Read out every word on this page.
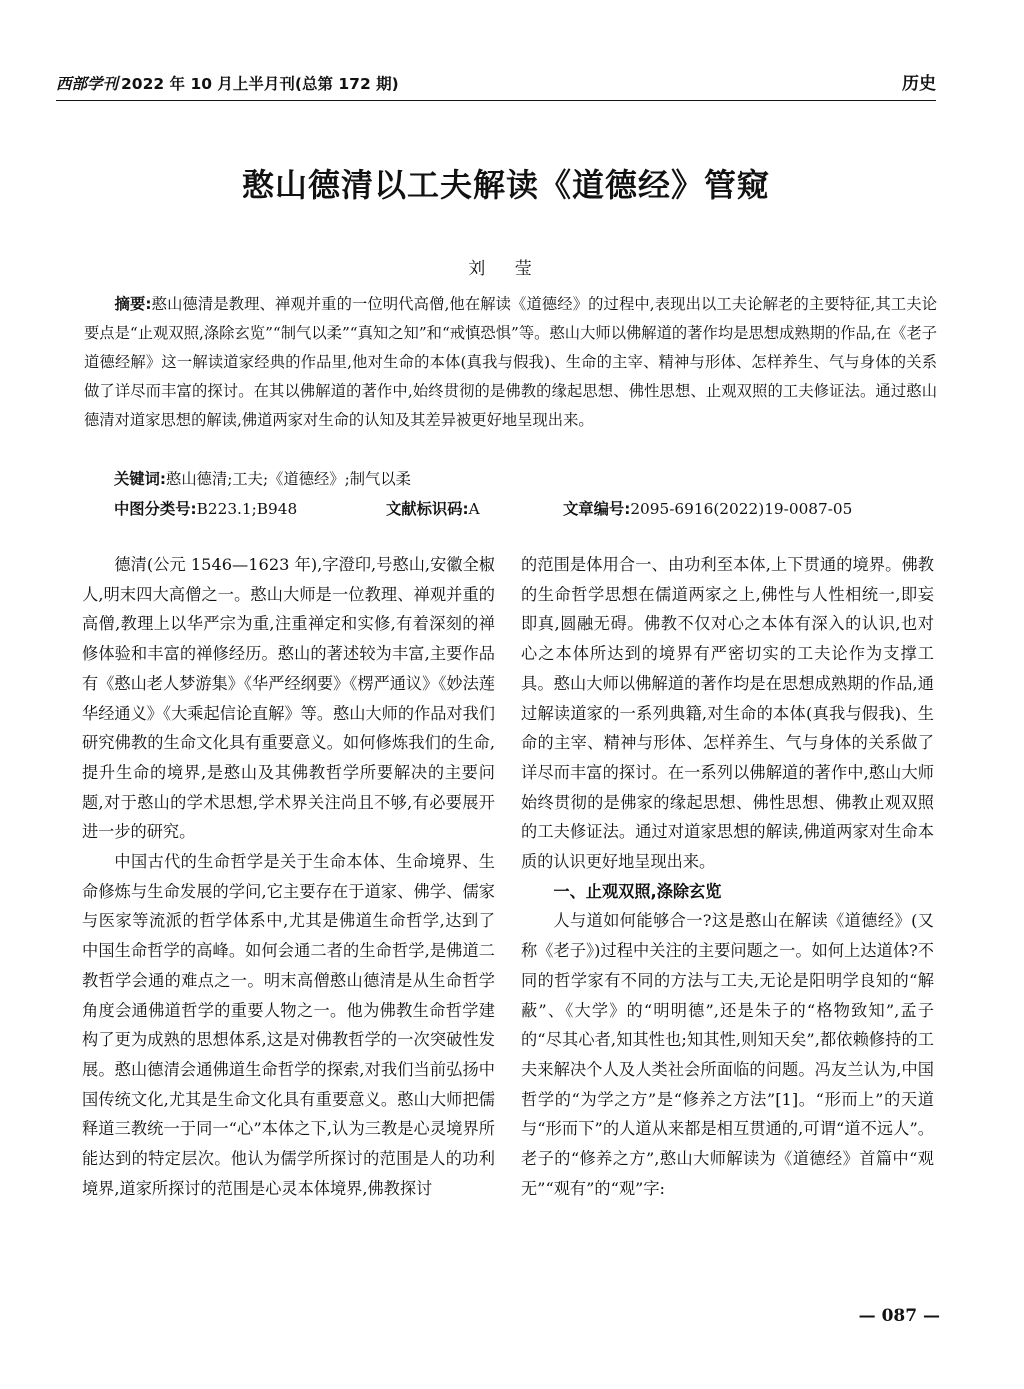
西部学刊 2022 年 10 月上半月刊(总第 172 期)	历史
憨山德清以工夫解读《道德经》管窥
刘 莹

摘要:憨山德清是教理、禅观并重的一位明代高僧,他在解读《道德经》的过程中,表现出以工夫论解老的主要特征,其工夫论要点是“止观双照,涤除玄览”“制气以柔”“真知之知”和“戒慎恐惧”等。憨山大师以佛解道的著作均是思想成熟期的作品,在《老子道德经解》这一解读道家经典的作品里,他对生命的本体(真我与假我)、生命的主宰、精神与形体、怎样养生、气与身体的关系做了详尽而丰富的探讨。在其以佛解道的著作中,始终贯彻的是佛教的缘起思想、佛性思想、止观双照的工夫修证法。通过憨山德清对道家思想的解读,佛道两家对生命的认知及其差异被更好地呈现出来。

关键词:憨山德清;工夫;《道德经》;制气以柔

中图分类号:B223.1;B948	文献标识码:A	文章编号:2095-6916(2022)19-0087-05

德清(公元 1546—1623 年),字澄印,号憨山,安徽全椒人,明末四大高僧之一。憨山大师是一位教理、禅观并重的高僧,教理上以华严宗为重,注重禅定和实修,有着深刻的禅修体验和丰富的禅修经历。憨山的著述较为丰富,主要作品有《憨山老人梦游集》《华严经纲要》《楞严通议》《妙法莲华经通义》《大乘起信论直解》等。憨山大师的作品对我们研究佛教的生命文化具有重要意义。如何修炼我们的生命,提升生命的境界,是憨山及其佛教哲学所要解决的主要问题,对于憨山的学术思想,学术界关注尚且不够,有必要展开进一步的研究。

中国古代的生命哲学是关于生命本体、生命境界、生命修炼与生命发展的学问,它主要存在于道家、佛学、儒家与医家等流派的哲学体系中,尤其是佛道生命哲学,达到了中国生命哲学的高峰。如何会通二者的生命哲学,是佛道二教哲学会通的难点之一。明末高僧憨山德清是从生命哲学角度会通佛道哲学的重要人物之一。他为佛教生命哲学建构了更为成熟的思想体系,这是对佛教哲学的一次突破性发展。憨山德清会通佛道生命哲学的探索,对我们当前弘扬中国传统文化,尤其是生命文化具有重要意义。憨山大师把儒释道三教统一于同一“心”本体之下,认为三教是心灵境界所能达到的特定层次。他认为儒学所探讨的范围是人的功利境界,道家所探讨的范围是心灵本体境界,佛教探讨

的范围是体用合一、由功利至本体,上下贯通的境界。佛教的生命哲学思想在儒道两家之上,佛性与人性相统一,即妄即真,圆融无碍。佛教不仅对心之本体有深入的认识,也对心之本体所达到的境界有严密切实的工夫论作为支撑工具。憨山大师以佛解道的著作均是在思想成熟期的作品,通过解读道家的一系列典籍,对生命的本体(真我与假我)、生命的主宰、精神与形体、怎样养生、气与身体的关系做了详尽而丰富的探讨。在一系列以佛解道的著作中,憨山大师始终贯彻的是佛家的缘起思想、佛性思想、佛教止观双照的工夫修证法。通过对道家思想的解读,佛道两家对生命本质的认识更好地呈现出来。

一、止观双照,涤除玄览

人与道如何能够合一?这是憨山在解读《道德经》(又称《老子》)过程中关注的主要问题之一。如何上达道体?不同的哲学家有不同的方法与工夫,无论是阳明学良知的“解蔽”、《大学》的“明明德”,还是朱子的“格物致知”,孟子的“尽其心者,知其性也;知其性,则知天矣”,都依赖修持的工夫来解决个人及人类社会所面临的问题。冯友兰认为,中国哲学的“为学之方”是“修养之方法”[1]。“形而上”的天道与“形而下”的人道从来都是相互贯通的,可谓“道不远人”。老子的“修养之方”,憨山大师解读为《道德经》首篇中“观无”“观有”的“观”字:

— 087 —
